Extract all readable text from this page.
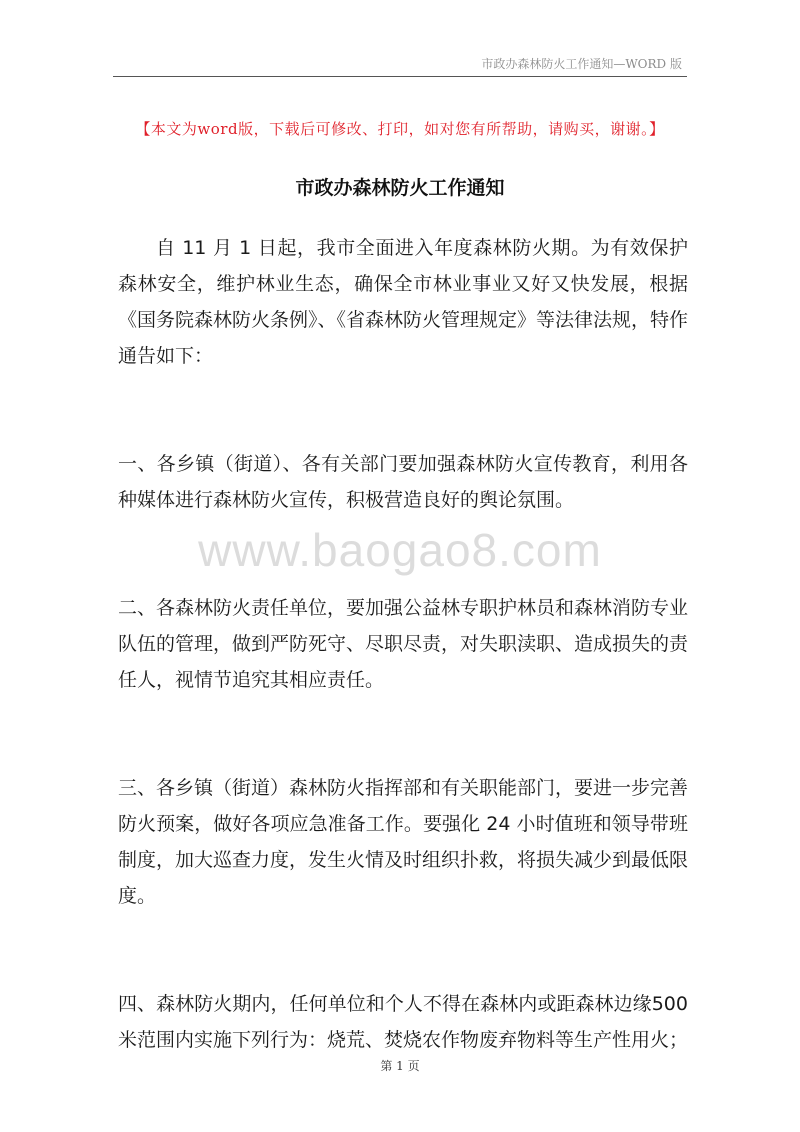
市政办森林防火工作通知—WORD 版
【本文为word版，下载后可修改、打印，如对您有所帮助，请购买，谢谢。】
市政办森林防火工作通知

自 11 月 1 日起，我市全面进入年度森林防火期。为有效保护森林安全，维护林业生态，确保全市林业事业又好又快发展，根据《国务院森林防火条例》、《省森林防火管理规定》等法律法规，特作通告如下：

一、各乡镇（街道）、各有关部门要加强森林防火宣传教育，利用各种媒体进行森林防火宣传，积极营造良好的舆论氛围。

二、各森林防火责任单位，要加强公益林专职护林员和森林消防专业队伍的管理，做到严防死守、尽职尽责，对失职渎职、造成损失的责任人，视情节追究其相应责任。

三、各乡镇（街道）森林防火指挥部和有关职能部门，要进一步完善防火预案，做好各项应急准备工作。要强化 24 小时值班和领导带班制度，加大巡查力度，发生火情及时组织扑救，将损失减少到最低限度。

四、森林防火期内，任何单位和个人不得在森林内或距森林边缘500米范围内实施下列行为：烧荒、焚烧农作物废弃物料等生产性用火；

www.baogao8.com
第 1 页
